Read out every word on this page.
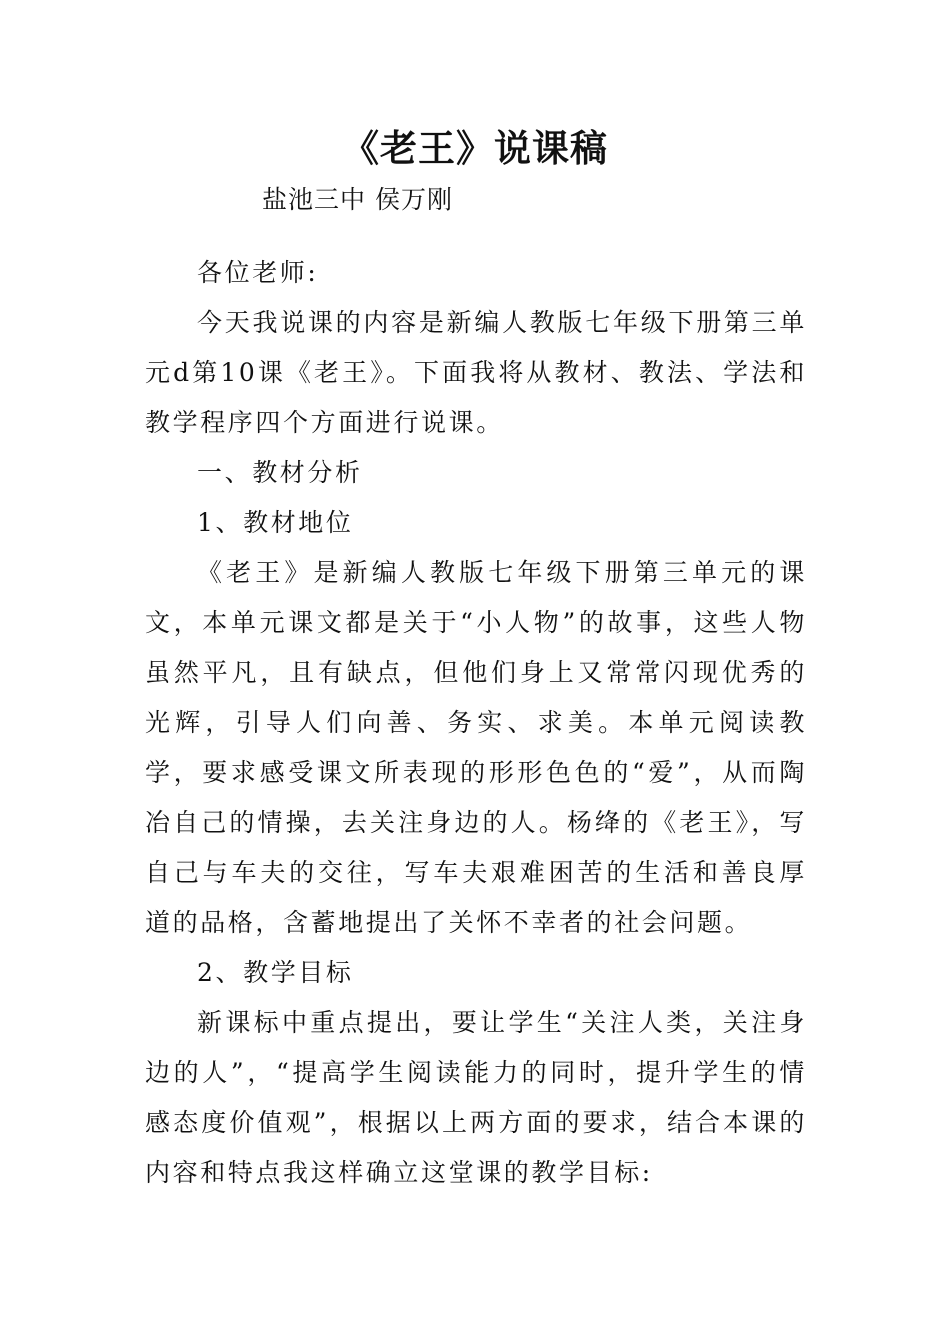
《老王》说课稿
盐池三中 侯万刚

各位老师:

今天我说课的内容是新编人教版七年级下册第三单元d第10课《老王》。下面我将从教材、教法、学法和教学程序四个方面进行说课。

一、教材分析

1、教材地位

《老王》是新编人教版七年级下册第三单元的课文，本单元课文都是关于“小人物”的故事，这些人物虽然平凡，且有缺点，但他们身上又常常闪现优秀的光辉，引导人们向善、务实、求美。本单元阅读教学，要求感受课文所表现的形形色色的“爱”，从而陶冶自己的情操，去关注身边的人。杨绛的《老王》，写自己与车夫的交往，写车夫艰难困苦的生活和善良厚道的品格，含蓄地提出了关怀不幸者的社会问题。

2、教学目标

新课标中重点提出，要让学生“关注人类，关注身边的人”，“提高学生阅读能力的同时，提升学生的情感态度价值观”，根据以上两方面的要求，结合本课的内容和特点我这样确立这堂课的教学目标:
